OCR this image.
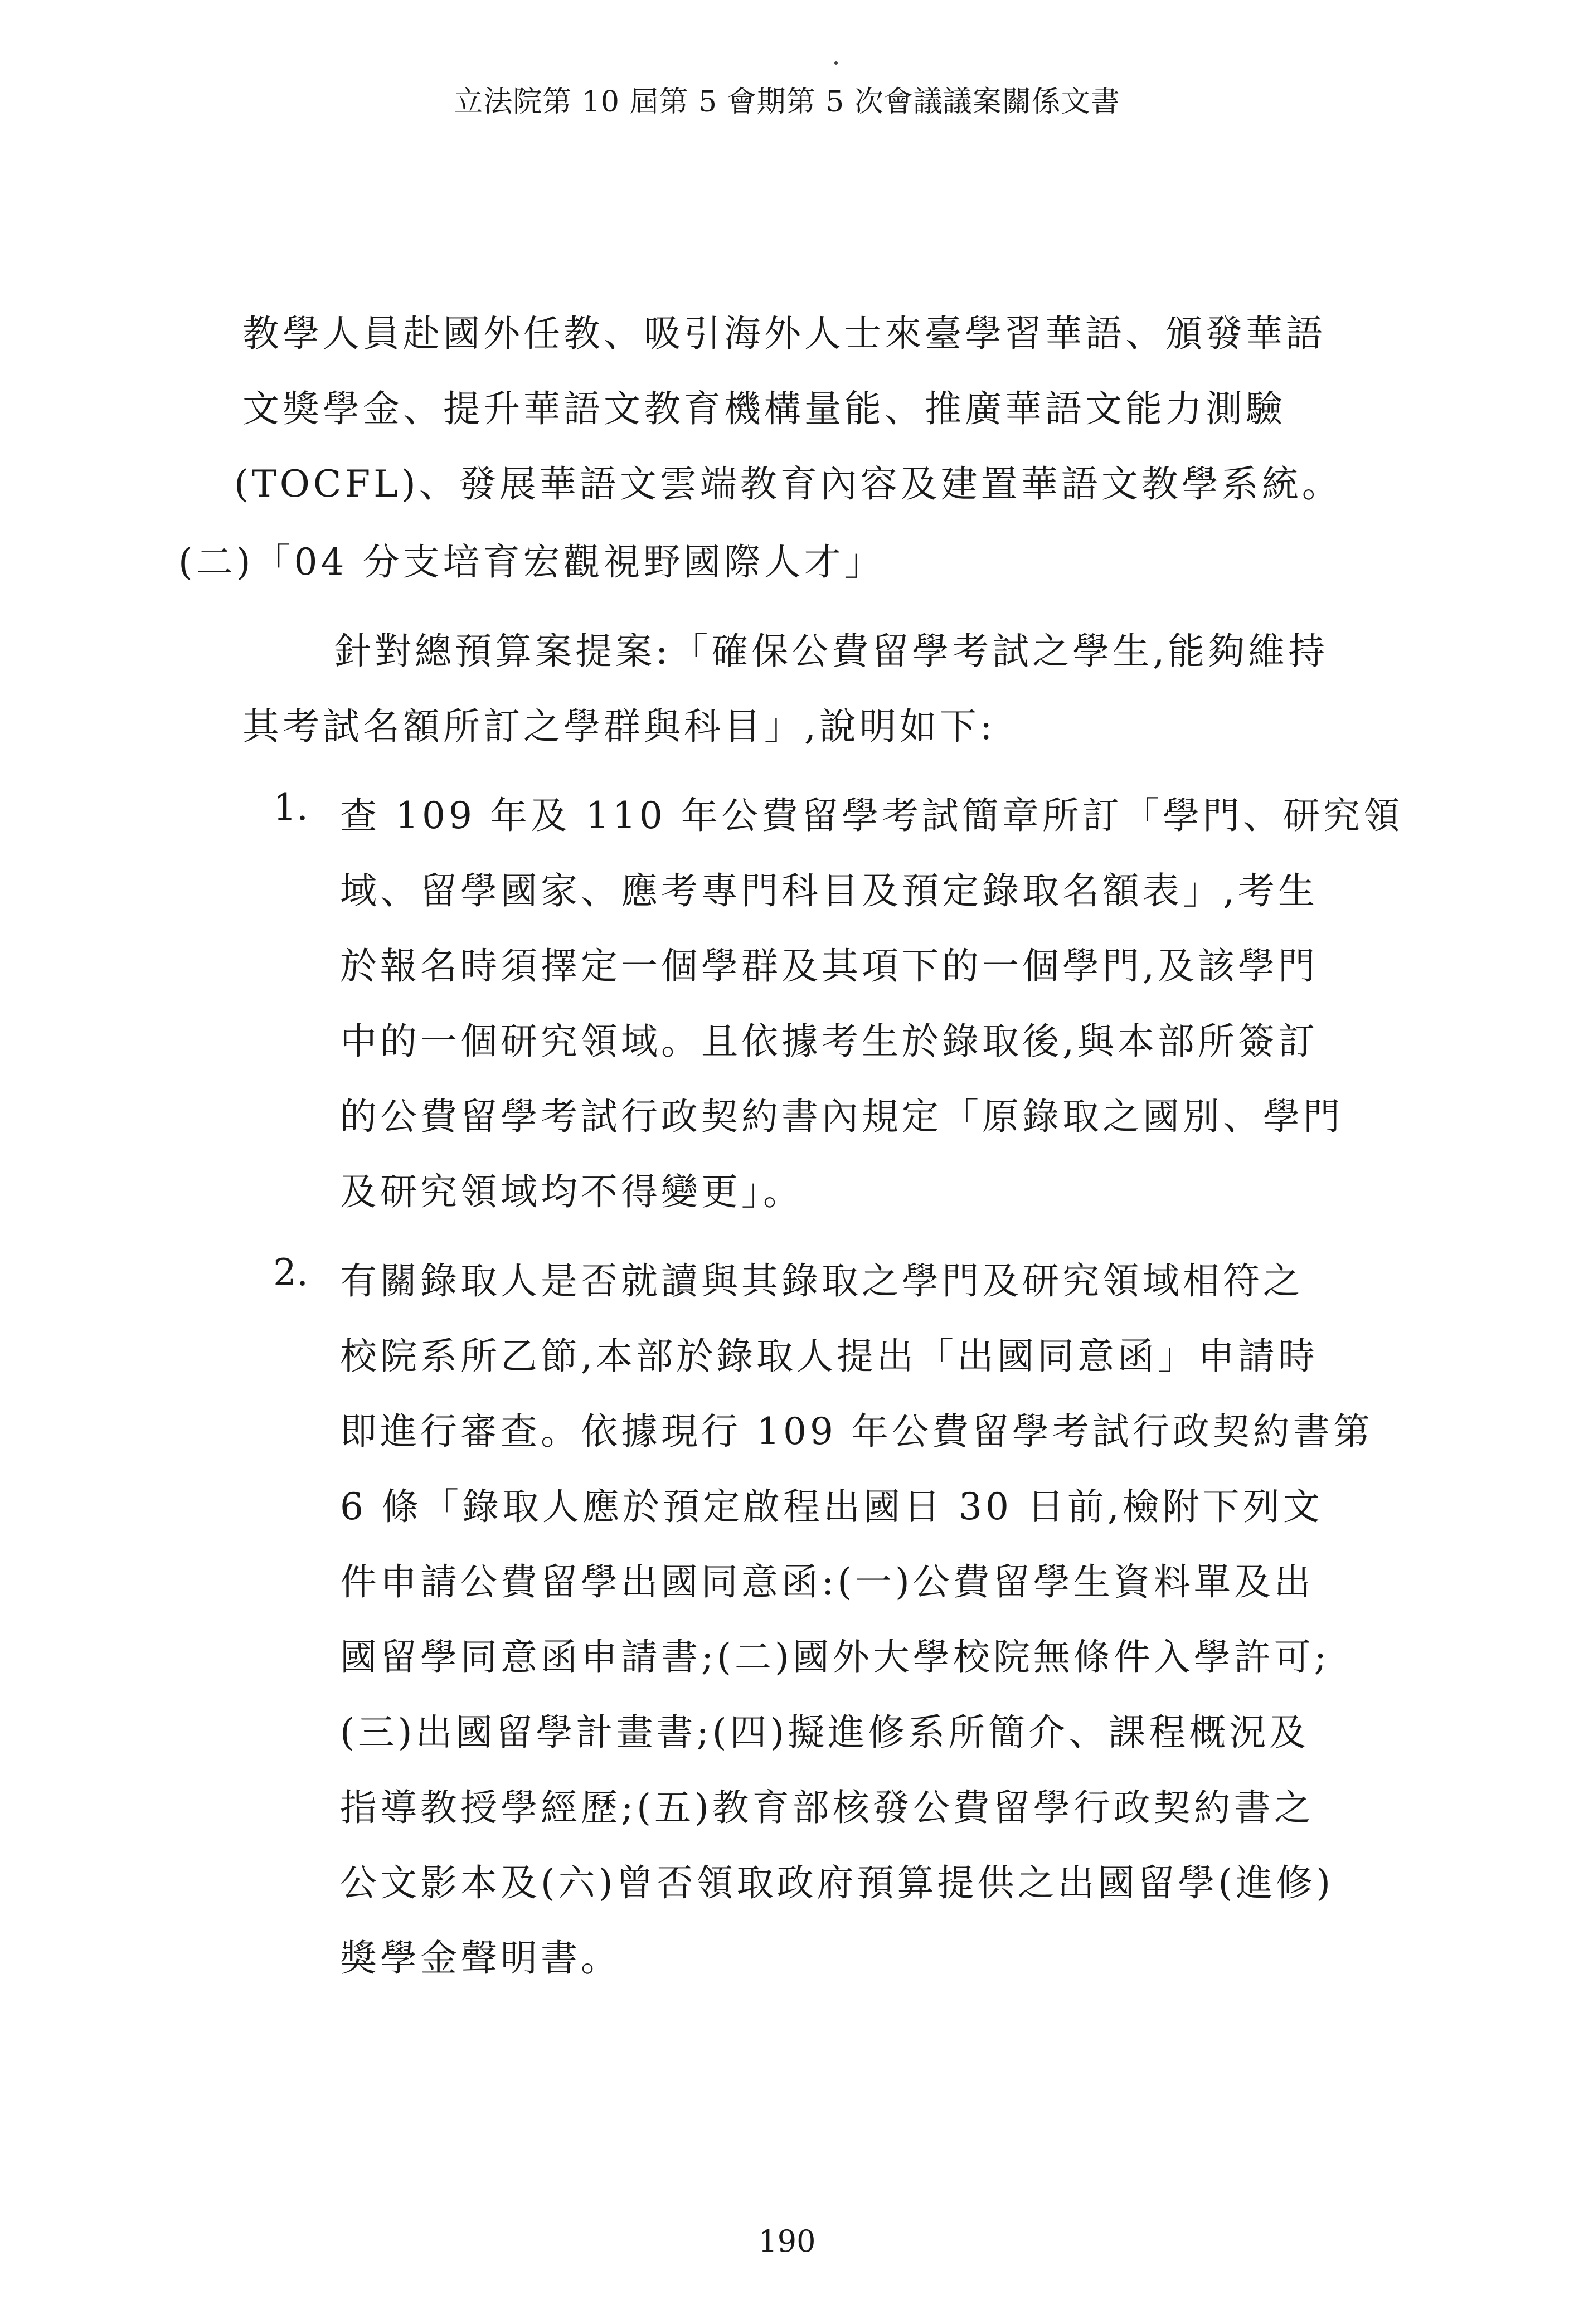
立法院第 10 屆第 5 會期第 5 次會議議案關係文書
教學人員赴國外任教、吸引海外人士來臺學習華語、頒發華語
文獎學金、提升華語文教育機構量能、推廣華語文能力測驗
(TOCFL)、發展華語文雲端教育內容及建置華語文教學系統。
(二)「04 分支培育宏觀視野國際人才」
針對總預算案提案:「確保公費留學考試之學生,能夠維持
其考試名額所訂之學群與科目」,說明如下:
1. 查 109 年及 110 年公費留學考試簡章所訂「學門、研究領
域、留學國家、應考專門科目及預定錄取名額表」,考生
於報名時須擇定一個學群及其項下的一個學門,及該學門
中的一個研究領域。且依據考生於錄取後,與本部所簽訂
的公費留學考試行政契約書內規定「原錄取之國別、學門
及研究領域均不得變更」。
2. 有關錄取人是否就讀與其錄取之學門及研究領域相符之
校院系所乙節,本部於錄取人提出「出國同意函」申請時
即進行審查。依據現行 109 年公費留學考試行政契約書第
6 條「錄取人應於預定啟程出國日 30 日前,檢附下列文
件申請公費留學出國同意函:(一)公費留學生資料單及出
國留學同意函申請書;(二)國外大學校院無條件入學許可;
(三)出國留學計畫書;(四)擬進修系所簡介、課程概況及
指導教授學經歷;(五)教育部核發公費留學行政契約書之
公文影本及(六)曾否領取政府預算提供之出國留學(進修)
獎學金聲明書。
190
